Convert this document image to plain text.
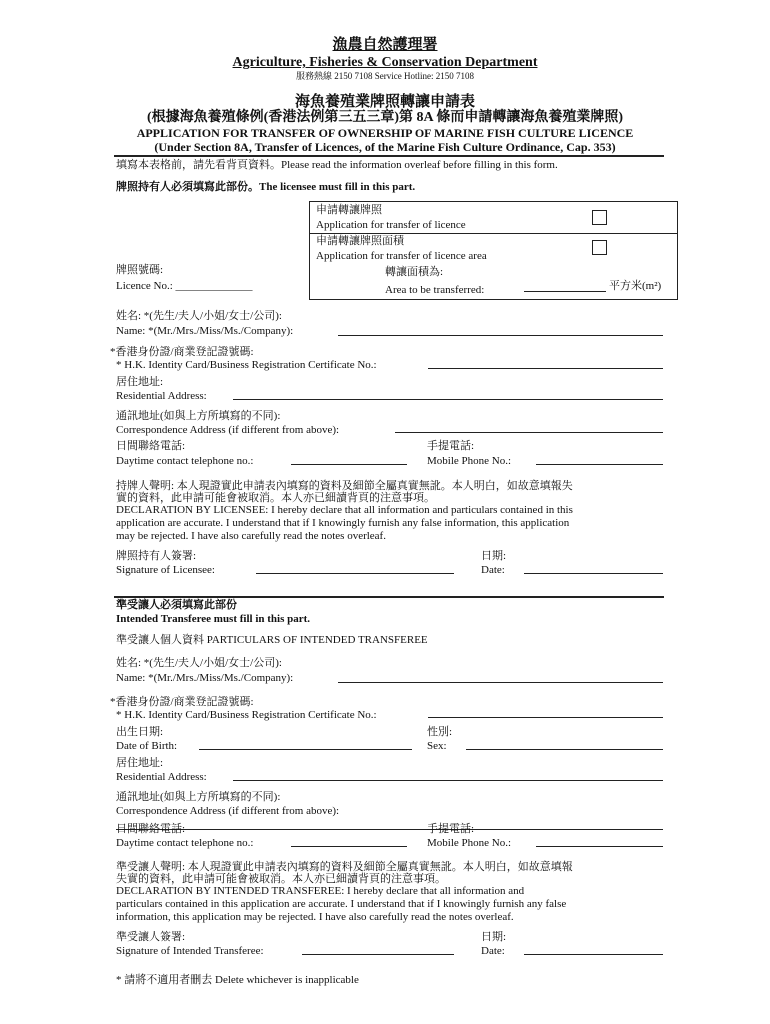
漁農自然護理署
Agriculture, Fisheries & Conservation Department
服務熱線 2150 7108 Service Hotline: 2150 7108
海魚養殖業牌照轉讓申請表
(根據海魚養殖條例(香港法例第三五三章)第 8A 條而申請轉讓海魚養殖業牌照)
APPLICATION FOR TRANSFER OF OWNERSHIP OF MARINE FISH CULTURE LICENCE
(Under Section 8A, Transfer of Licences, of the Marine Fish Culture Ordinance, Cap. 353)
填寫本表格前，請先看背頁資料。Please read the information overleaf before filling in this form.
牌照持有人必須填寫此部份。The licensee must fill in this part.
申請轉讓牌照
Application for transfer of licence
申請轉讓牌照面積
Application for transfer of licence area
轉讓面積為:
Area to be transferred:	平方米(m²)
牌照號碼:
Licence No.: ______________
姓名: *(先生/夫人/小姐/女士/公司):
Name: *(Mr./Mrs./Miss/Ms./Company):
*香港身份證/商業登記證號碼:
* H.K. Identity Card/Business Registration Certificate No.:
居住地址:
Residential Address:
通訊地址(如與上方所填寫的不同):
Correspondence Address (if different from above):
日間聯絡電話:
Daytime contact telephone no.:
手提電話:
Mobile Phone No.:
持牌人聲明: 本人現證實此申請表內填寫的資料及細節全屬真實無訛。本人明白，如故意填報失
實的資料，此申請可能會被取消。本人亦已細讀背頁的注意事項。
DECLARATION BY LICENSEE: I hereby declare that all information and particulars contained in this
application are accurate. I understand that if I knowingly furnish any false information, this application
may be rejected. I have also carefully read the notes overleaf.
牌照持有人簽署:
Signature of Licensee:
日期:
Date:
準受讓人必須填寫此部份
Intended Transferee must fill in this part.
準受讓人個人資料 PARTICULARS OF INTENDED TRANSFEREE
姓名: *(先生/夫人/小姐/女士/公司):
Name: *(Mr./Mrs./Miss/Ms./Company):
*香港身份證/商業登記證號碼:
* H.K. Identity Card/Business Registration Certificate No.:
出生日期:
Date of Birth:
性別:
Sex:
居住地址:
Residential Address:
通訊地址(如與上方所填寫的不同):
Correspondence Address (if different from above):
日間聯絡電話:
Daytime contact telephone no.:
手提電話:
Mobile Phone No.:
準受讓人聲明: 本人現證實此申請表內填寫的資料及細節全屬真實無訛。本人明白，如故意填報
失實的資料，此申請可能會被取消。本人亦已細讀背頁的注意事項。
DECLARATION BY INTENDED TRANSFEREE: I hereby declare that all information and
particulars contained in this application are accurate. I understand that if I knowingly furnish any false
information, this application may be rejected. I have also carefully read the notes overleaf.
準受讓人簽署:
Signature of Intended Transferee:
日期:
Date:
* 請將不適用者刪去 Delete whichever is inapplicable
